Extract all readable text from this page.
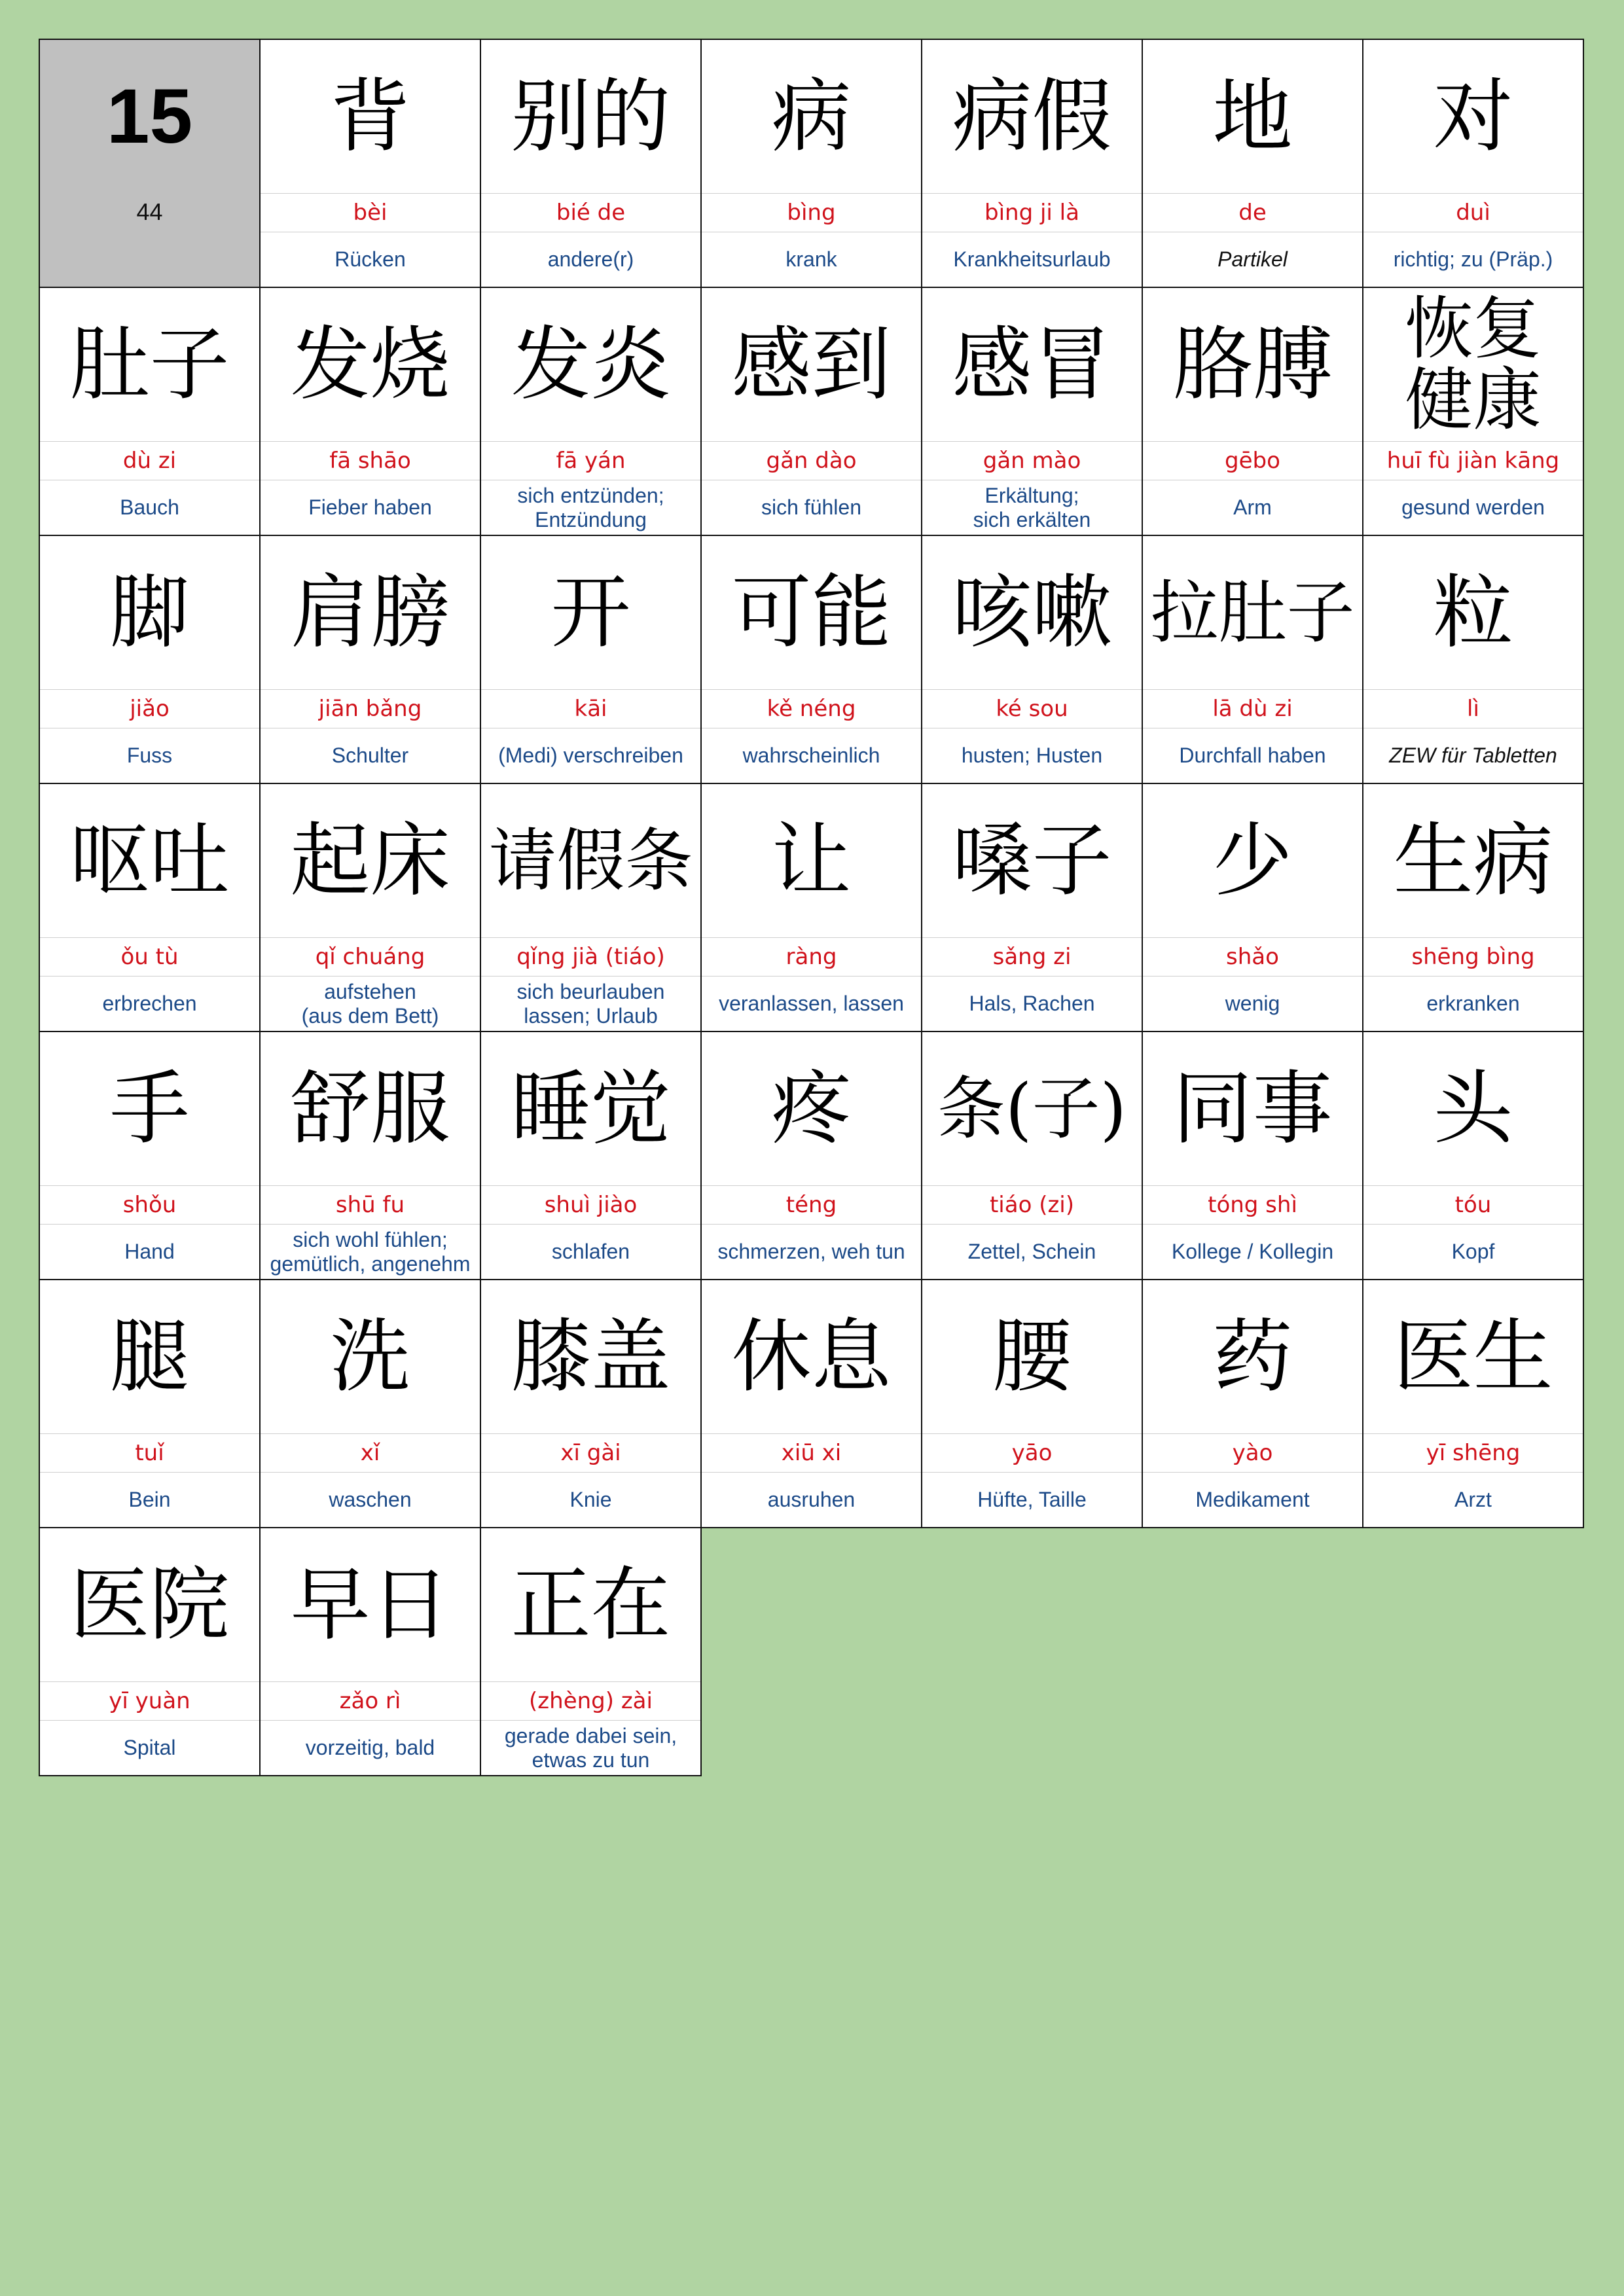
15
44
背
bèi
Rücken
别的
bié de
andere(r)
病
bìng
krank
病假
bìng ji là
Krankheitsurlaub
地
de
Partikel
对
duì
richtig; zu (Präp.)
肚子
dù zi
Bauch
发烧
fā shāo
Fieber haben
发炎
fā yán
sich entzünden;
Entzündung
感到
gǎn dào
sich fühlen
感冒
gǎn mào
Erkältung;
sich erkälten
胳膊
gēbo
Arm
恢复
健康
huī fù jiàn kāng
gesund werden
脚
jiǎo
Fuss
肩膀
jiān bǎng
Schulter
开
kāi
(Medi) verschreiben
可能
kě néng
wahrscheinlich
咳嗽
ké sou
husten; Husten
拉肚子
lā dù zi
Durchfall haben
粒
lì
ZEW für Tabletten
呕吐
ǒu tù
erbrechen
起床
qǐ chuáng
aufstehen
(aus dem Bett)
请假条
qǐng jià (tiáo)
sich beurlauben
lassen; Urlaub
让
ràng
veranlassen, lassen
嗓子
sǎng zi
Hals, Rachen
少
shǎo
wenig
生病
shēng bìng
erkranken
手
shǒu
Hand
舒服
shū fu
sich wohl fühlen;
gemütlich, angenehm
睡觉
shuì jiào
schlafen
疼
téng
schmerzen, weh tun
条(子)
tiáo (zi)
Zettel, Schein
同事
tóng shì
Kollege / Kollegin
头
tóu
Kopf
腿
tuǐ
Bein
洗
xǐ
waschen
膝盖
xī gài
Knie
休息
xiū xi
ausruhen
腰
yāo
Hüfte, Taille
药
yào
Medikament
医生
yī shēng
Arzt
医院
yī yuàn
Spital
早日
zǎo rì
vorzeitig, bald
正在
(zhèng) zài
gerade dabei sein,
etwas zu tun
